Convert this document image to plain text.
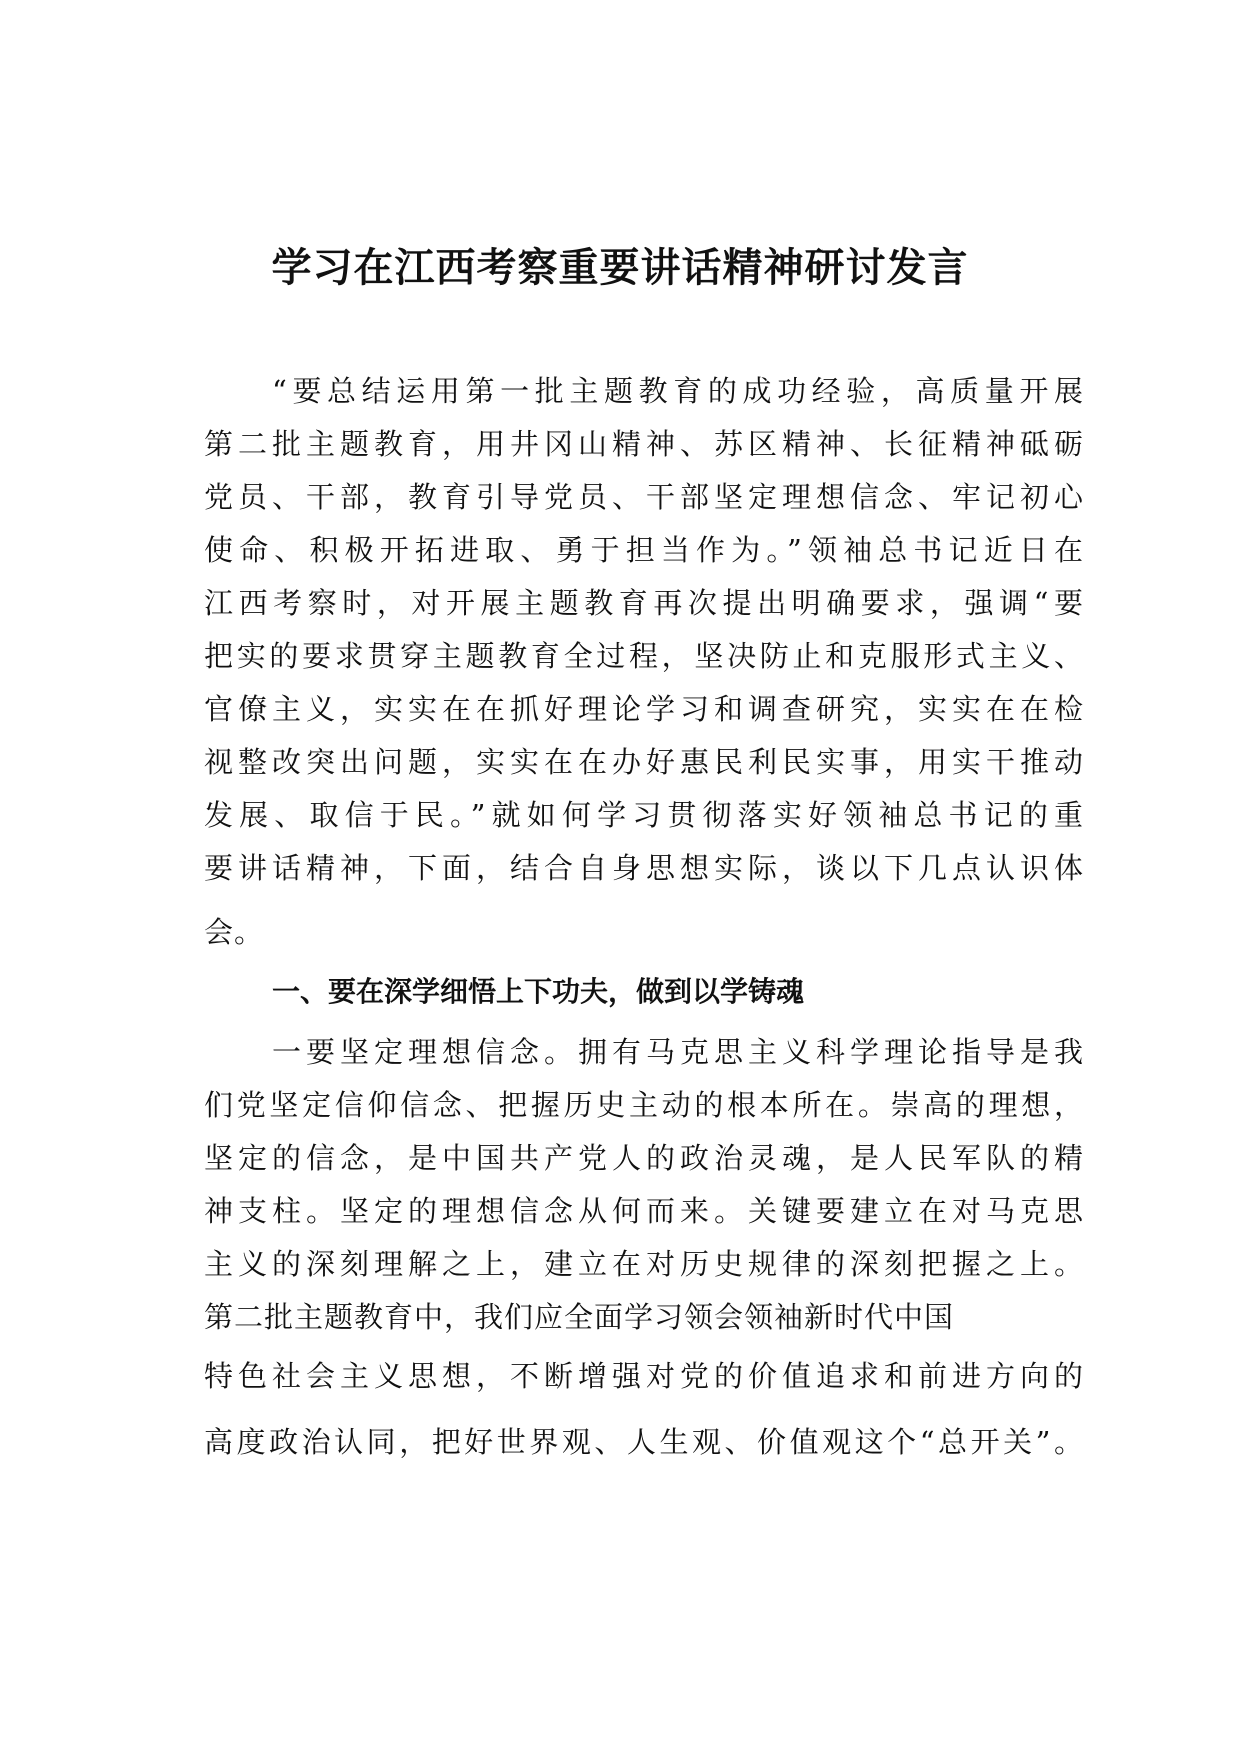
学习在江西考察重要讲话精神研讨发言

“要总结运用第一批主题教育的成功经验，高质量开展

第二批主题教育，用井冈山精神、苏区精神、长征精神砥砺

党员、干部，教育引导党员、干部坚定理想信念、牢记初心

使命、积极开拓进取、勇于担当作为。”领袖总书记近日在

江西考察时，对开展主题教育再次提出明确要求，强调“要

把实的要求贯穿主题教育全过程，坚决防止和克服形式主义、

官僚主义，实实在在抓好理论学习和调查研究，实实在在检

视整改突出问题，实实在在办好惠民利民实事，用实干推动

发展、取信于民。”就如何学习贯彻落实好领袖总书记的重

要讲话精神，下面，结合自身思想实际，谈以下几点认识体

会。

一、要在深学细悟上下功夫，做到以学铸魂

一要坚定理想信念。拥有马克思主义科学理论指导是我

们党坚定信仰信念、把握历史主动的根本所在。崇高的理想，

坚定的信念，是中国共产党人的政治灵魂，是人民军队的精

神支柱。坚定的理想信念从何而来。关键要建立在对马克思

主义的深刻理解之上，建立在对历史规律的深刻把握之上。

第二批主题教育中，我们应全面学习领会领袖新时代中国

特色社会主义思想，不断增强对党的价值追求和前进方向的

高度政治认同，把好世界观、人生观、价值观这个“总开关”。
